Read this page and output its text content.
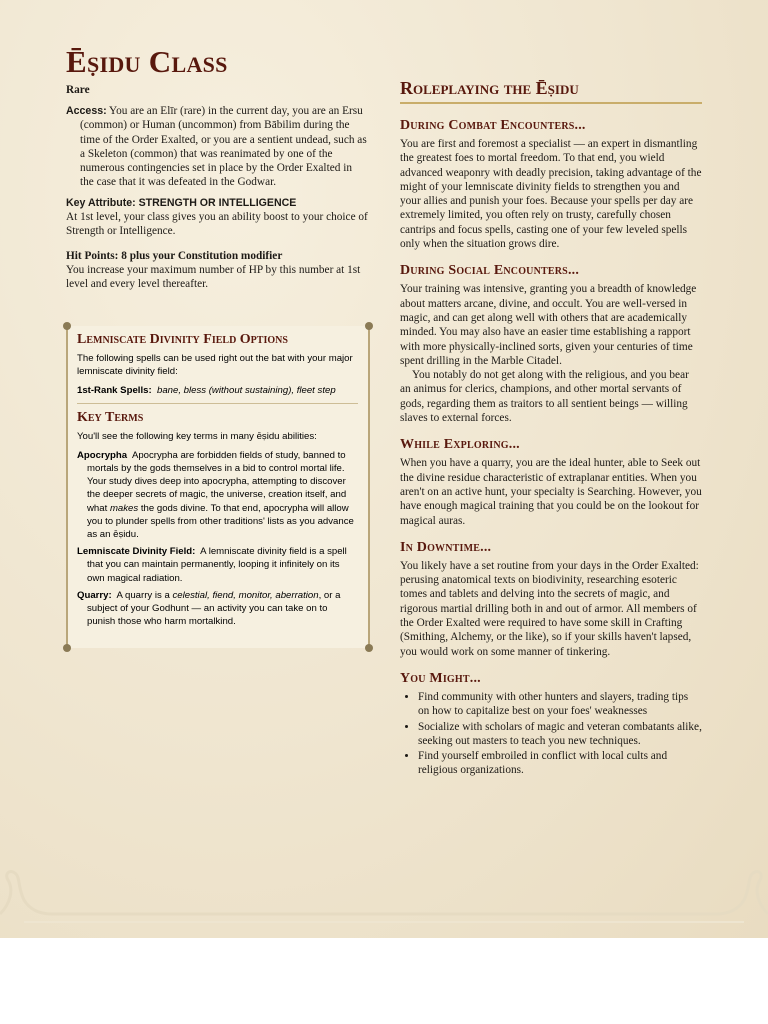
Ēṣidu Class
Rare

Access: You are an Elīr (rare) in the current day, you are an Ersu (common) or Human (uncommon) from Bābilim during the time of the Order Exalted, or you are a sentient undead, such as a Skeleton (common) that was reanimated by one of the numerous contingencies set in place by the Order Exalted in the case that it was defeated in the Godwar.

Key Attribute: STRENGTH OR INTELLIGENCE

At 1st level, your class gives you an ability boost to your choice of Strength or Intelligence.

Hit Points: 8 plus your Constitution modifier

You increase your maximum number of HP by this number at 1st level and every level thereafter.

Lemniscate Divinity Field Options

The following spells can be used right out the bat with your major lemniscate divinity field:

1st-Rank Spells: bane, bless (without sustaining), fleet step

Key Terms

You'll see the following key terms in many ēṣidu abilities:

Apocrypha Apocrypha are forbidden fields of study, banned to mortals by the gods themselves in a bid to control mortal life. Your study dives deep into apocrypha, attempting to discover the deeper secrets of magic, the universe, creation itself, and what makes the gods divine. To that end, apocrypha will allow you to plunder spells from other traditions' lists as you advance as an ēṣidu.

Lemniscate Divinity Field: A lemniscate divinity field is a spell that you can maintain permanently, looping it infinitely on its own magical radiation.

Quarry: A quarry is a celestial, fiend, monitor, aberration, or a subject of your Godhunt — an activity you can take on to punish those who harm mortalkind.

Roleplaying the Ēṣidu
During Combat Encounters...

You are first and foremost a specialist — an expert in dismantling the greatest foes to mortal freedom. To that end, you wield advanced weaponry with deadly precision, taking advantage of the might of your lemniscate divinity fields to strengthen you and your allies and punish your foes. Because your spells per day are extremely limited, you often rely on trusty, carefully chosen cantrips and focus spells, casting one of your few leveled spells only when the situation grows dire.

During Social Encounters...

Your training was intensive, granting you a breadth of knowledge about matters arcane, divine, and occult. You are well-versed in magic, and can get along well with others that are academically minded. You may also have an easier time establishing a rapport with more physically-inclined sorts, given your centuries of time spent drilling in the Marble Citadel.

You notably do not get along with the religious, and you bear an animus for clerics, champions, and other mortal servants of gods, regarding them as traitors to all sentient beings — willing slaves to external forces.

While Exploring...

When you have a quarry, you are the ideal hunter, able to Seek out the divine residue characteristic of extraplanar entities. When you aren't on an active hunt, your specialty is Searching. However, you have enough magical training that you could be on the lookout for magical auras.

In Downtime...

You likely have a set routine from your days in the Order Exalted: perusing anatomical texts on biodivinity, researching esoteric tomes and tablets and delving into the secrets of magic, and rigorous martial drilling both in and out of armor. All members of the Order Exalted were required to have some skill in Crafting (Smithing, Alchemy, or the like), so if your skills haven't lapsed, you would work on some manner of tinkering.

You Might...
• Find community with other hunters and slayers, trading tips on how to capitalize best on your foes' weaknesses
• Socialize with scholars of magic and veteran combatants alike, seeking out masters to teach you new techniques.
• Find yourself embroiled in conflict with local cults and religious organizations.
